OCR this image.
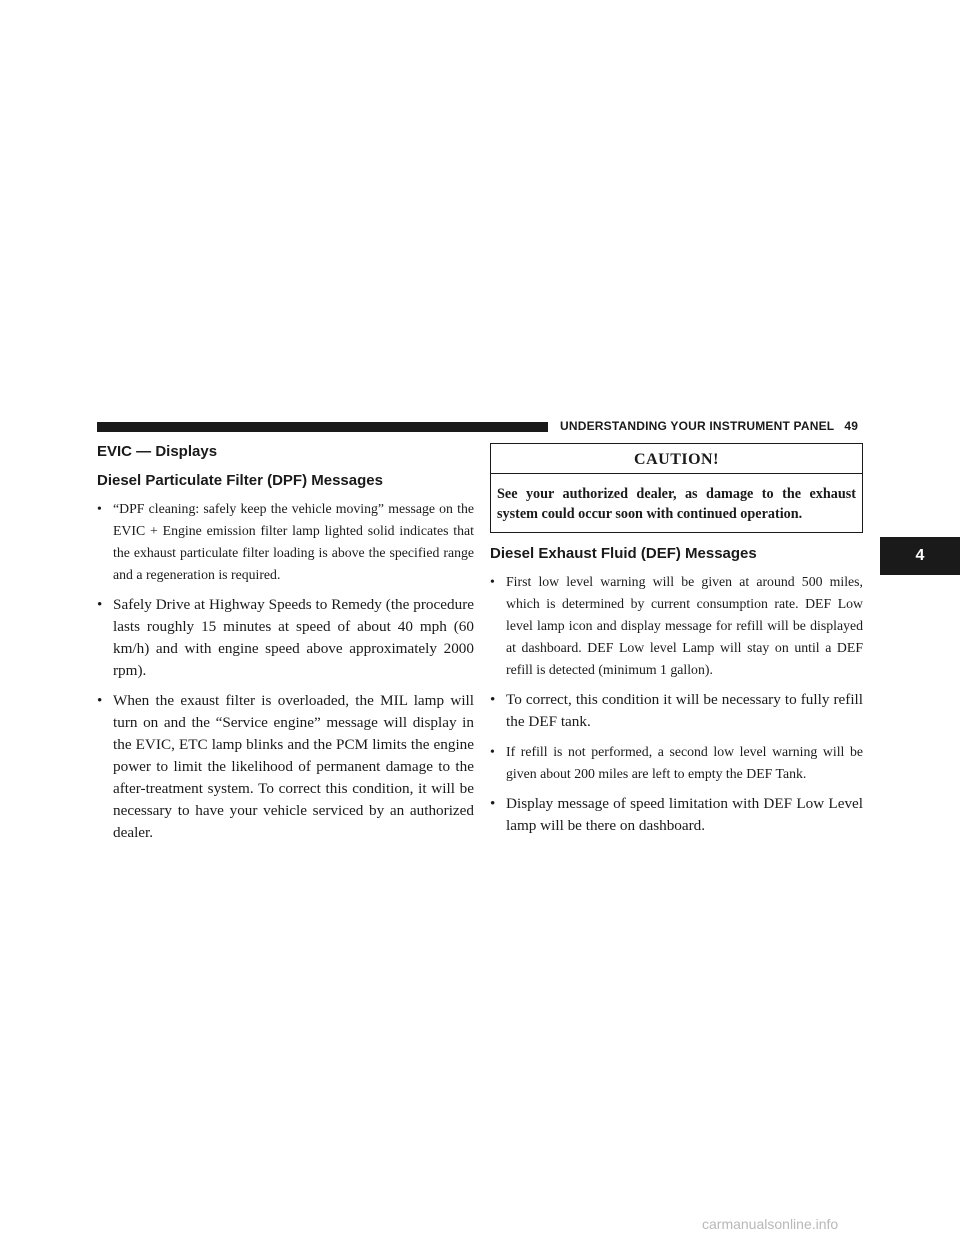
UNDERSTANDING YOUR INSTRUMENT PANEL 49
4
EVIC — Displays
Diesel Particulate Filter (DPF) Messages
• “DPF cleaning: safely keep the vehicle moving” message on the EVIC + Engine emission filter lamp lighted solid indicates that the exhaust particulate filter loading is above the specified range and a regeneration is required.
• Safely Drive at Highway Speeds to Remedy (the procedure lasts roughly 15 minutes at speed of about 40 mph (60 km/h) and with engine speed above approximately 2000 rpm).
• When the exaust filter is overloaded, the MIL lamp will turn on and the “Service engine” message will display in the EVIC, ETC lamp blinks and the PCM limits the engine power to limit the likelihood of permanent damage to the after-treatment system. To correct this condition, it will be necessary to have your vehicle serviced by an authorized dealer.
CAUTION!
See your authorized dealer, as damage to the exhaust system could occur soon with continued operation.
Diesel Exhaust Fluid (DEF) Messages
• First low level warning will be given at around 500 miles, which is determined by current consumption rate. DEF Low level lamp icon and display message for refill will be displayed at dashboard. DEF Low level Lamp will stay on until a DEF refill is detected (minimum 1 gallon).
• To correct, this condition it will be necessary to fully refill the DEF tank.
• If refill is not performed, a second low level warning will be given about 200 miles are left to empty the DEF Tank.
• Display message of speed limitation with DEF Low Level lamp will be there on dashboard.
carmanualsonline.info
